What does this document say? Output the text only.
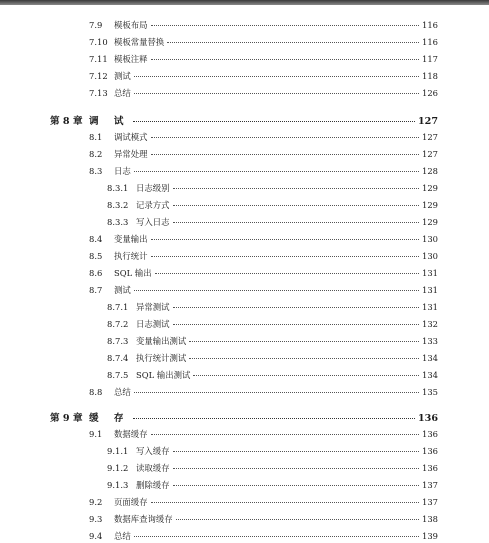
7.9	模板布局	116
7.10 模板常量替换	116
7.11 模板注释	117
7.12 测试	118
7.13 总结	126
第 8 章 调 试	127
8.1	调试模式	127
8.2	异常处理	127
8.3	日志	128
8.3.1 日志级别	129
8.3.2 记录方式	129
8.3.3 写入日志	129
8.4	变量输出	130
8.5	执行统计	130
8.6	SQL 输出	131
8.7	测试	131
8.7.1 异常测试	131
8.7.2 日志测试	132
8.7.3 变量输出测试	133
8.7.4 执行统计测试	134
8.7.5 SQL 输出测试	134
8.8	总结	135
第 9 章 缓 存	136
9.1	数据缓存	136
9.1.1 写入缓存	136
9.1.2 读取缓存	136
9.1.3 删除缓存	137
9.2	页面缓存	137
9.3	数据库查询缓存	138
9.4	总结	139
